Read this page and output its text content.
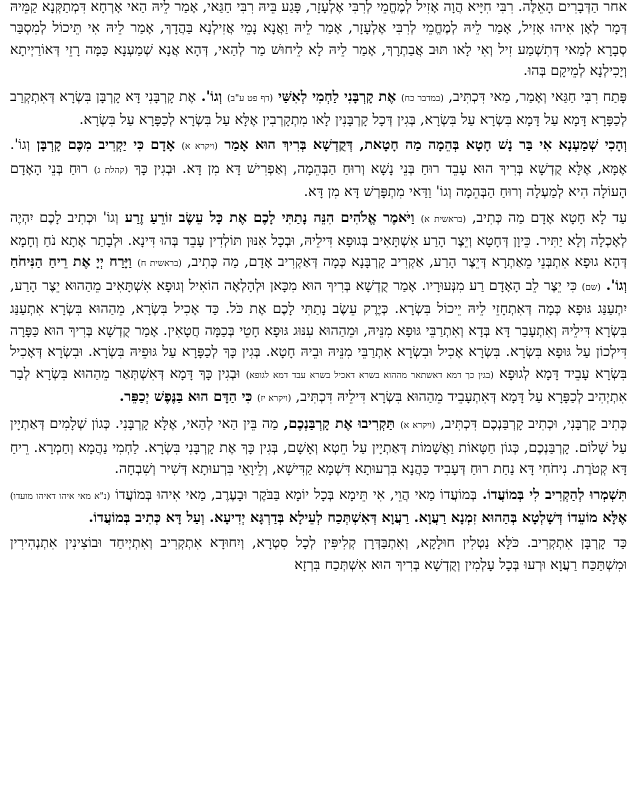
אחר הַדְּבָרִים הָאֵלֶּה. רִבִּי חִיָּיא הֲוָה אָזִיל לְמֶחֱמֵי לְרִבִּי אֶלְעָזָר, פָּגַע בֵּיהּ רִבִּי חַגַּאי, אָמַר לֵיהּ הַאי אָרְחָא דִּמְתַקְּנָא קַמֵּיהּ דְּמָר לְאָן אִיהוּ אָזִיל, אָמַר לֵיהּ לְמֶחֱמֵי לְרִבִּי אֶלְעָזָר, אָמַר לֵיהּ וַאֲנָא נָמֵי אֲזִילְנָא בַּהֲדָךְ, אָמַר לֵיהּ אִי תֵּיכוֹל לְמִסְבַּר סְבָרָא לְמַאי דְּתִשְׁמַע זִיל וְאִי לָאו תּוּב אֲבַתְרָךְ, אָמַר לֵיהּ לָא לֵיחוּשׁ מַר לְהַאי, דְּהָא אֲנָא שְׁמַעְנָא כַּמָּה רָזֵי דְּאוֹרַיְיתָא וְיָכִילְנָא לְמֵיקָם בְּהוּ.

פָּתַח רִבִּי חַגַּאי וְאָמַר, מַאי דִּכְתִּיב, (במדבר כח) אֶת קָרְבָּנִי לַחְמִי לְאִשַּׁי (דף פט ע"ב) וְגוֹ'. אֶת קָרְבָּנִי דָּא קָרְבָּן בִּשְׂרָא דְּאִתְקְרַב לְכַפָּרָא דָּמָא עַל דָּמָא בִּשְׂרָא עַל בִּשְׂרָא, בְּגִין דְּכָל קָרְבָּנִין לָאו מִתְקָרְבִין אֶלָּא עַל בִּשְׂרָא לְכַפָּרָא עַל בִּשְׂרָא.

וְהָכִי שְׁמַעְנָא אִי בַּר נָשׁ חָטָא בְּהֵמָה מַה חָטָאת, דְּקֻדְשָׁא בְּרִיךְ הוּא אָמַר (ויקרא א) אָדָם כִּי יַקְרִיב מִכֶּם קָרְבָּן וְגוֹ'. אֶמָּא, אֶלָּא קֻדְשָׁא בְּרִיךְ הוּא עָבֵד רוּחַ בְּנֵי נָשָׁא וְרוּחַ הַבְּהֵמָה, וְאַפְרִישׁ דָּא מִן דָּא. וּבְגִין כָּךְ (קהלת ג) רוּחַ בְּנֵי הָאָדָם הָעוֹלָה הִיא לְמַעְלָה וְרוּחַ הַבְּהֵמָה וְגוֹ' וַדַּאי מִתְפָּרְשׁ דָּא מִן דָּא.

עַד לָא חָטָא אָדָם מַה כְּתִיב, (בראשית א) וַיֹּאמֶר אֱלֹהִים הִנֵּה נָתַתִּי לָכֶם אֶת כָּל עֵשֶׂב זוֹרֵעַ זֶרַע וְגוֹ' וּכְתִיב לָכֶם יִהְיֶה לְאָכְלָה וְלָא יַתִּיר. כֵּיוָן דְּחָטָא וְיֵצֶר הָרַע אִשְׁתָּאִיב בְּגוּפָא דִּילֵיהּ, וּבְכָל אִנּוּן תּוֹלְדִין עָבֵד בְּהוּ דִּינָא. וּלְבָתַר אָתָא נֹחַ וְחָמָא דְּהָא גוּפָא אִתְבְּנֵי מֵאַתְרָא דְּיֵצֶר הָרַע, אַקְרִיב קָרְבָּנָא כְּמָה דְּאַקְרִיב אָדָם, מַה כְּתִיב, (בראשית ח) וַיָּרַח יְיָ אֶת רֵיחַ הַנִּיחֹחַ וְגוֹ'. (שם) כִּי יֵצֶר לֵב הָאָדָם רַע מִנְּעוּרָיו. אָמַר קֻדְשָׁא בְּרִיךְ הוּא מִכָּאן וּלְהָלְאָה הוֹאִיל וְגוּפָא אִשְׁתָּאִיב מֵהַהוּא יֵצֶר הָרַע, יִתְעַנַּג גּוּפָא כְּמָה דְּאִתְחָזֵי לֵיהּ יֵיכוֹל בִּשְׂרָא. כְּיֶרֶק עֵשֶׂב נָתַתִּי לָכֶם אֶת כֹּל. כַּד אָכִיל בִּשְׂרָא, מֵהַהוּא בִּשְׂרָא אִתְעַנַּג בִּשְׂרָא דִּילֵיהּ וְאִתְעָבַר דָּא בְּדָא וְאִתְרַבֵּי גּוּפָא מִנֵּיהּ, וּמֵהַהוּא עִנּוּג גּוּפָא חָטֵי בְּכַמָּה חֲטָאִין. אָמַר קֻדְשָׁא בְּרִיךְ הוּא כַּפָּרָה דִּילְכוֹן עַל גּוּפָא בִּשְׂרָא. בִּשְׂרָא אָכִיל וּבִשְׂרָא אִתְרַבֵּי מִנֵּיהּ וּבֵיהּ חָטָא. בְּגִין כָּךְ לְכַפָּרָא עַל גּוּפֵיהּ בִּשְׂרָא. וּבִשְׂרָא דְּאָכִיל בִּשְׂרָא עָבֵיד דָּמָא לְגוּפָא (בגין כך דמא דאשתאר מההוא בשרא דאכיל בשרא עבד דמא לגופא) וּבְגִין כָּךְ דָּמָא דְּאִשְׁתְּאַר מֵהַהוּא בִּשְׂרָא לְבַר אִתְיְהִיב לְכַפָּרָא עַל דָּמָא דְּאִתְעָבֵיד מֵהַהוּא בִּשְׂרָא דִּילֵיהּ דִּכְתִּיב, (ויקרא יז) כִּי הַדָּם הוּא בַּנֶּפֶשׁ יְכַפֵּר.

כְּתִיב קָרְבָּנִי, וּכְתִיב קָרְבַּנְכֶם דִּכְתִּיב, (ויקרא א) תַּקְרִיבוּ אֶת קָרְבַּנְכֶם, מַה בֵּין הַאי לְהַאי, אֶלָּא קָרְבָּנִי. כְּגוֹן שְׁלָמִים דְּאַתְיָין עַל שָׁלוֹם. קָרְבַּנְכֶם, כְּגוֹן חַטָּאוֹת וַאֲשָׁמוֹת דְּאַתְיָין עַל חֵטְא וְאָשָׁם, בְּגִין כָּךְ אֶת קָרְבָּנִי בִּשְׂרָא. לַחְמִי נַהֲמָא וְחַמְרָא. רֵיחַ דָּא קְטֹרֶת. נִיחֹחִי דָּא נַחַת רוּחַ דְּעָבִיד כַּהֲנָא בִּרְעוּתָא דִּשְׁמָא קַדִּישָׁא, וְלֵיוָאֵי בִּרְעוּתָא דְּשִׁיר וְשִׁבְחָה.

תִּשְׁמְרוּ לְהַקְרִיב לִי בְּמוֹעֲדוֹ. בְּמוֹעֲדוֹ מַאי הֲוֵי, אִי תֵּימָא בְּכָל יוֹמָא בַּבֹּקֶר וּבָעֶרֶב, מַאי אִיהוּ בְּמוֹעֲדוֹ (נ"א מאי איהו דאיהו מועדו) אֶלָּא מוֹעֵדוֹ דְּשָׁלְטָא בְּהַהוּא זִמְנָא רַעֲוָא. רַעֲוָא דְּאִשְׁתְּכַח לְעֵילָא בְּדַרְגָּא יְדִיעָא. וְעַל דָּא כְּתִיב בְּמוֹעֲדוֹ.

כַּד קָרְבָּן אִתְקְרִיב. כֹּלָּא נַטְלִין חוּלָקָא, וְאִתְבַּדְּרָן קְלִיפִּין לְכָל סִטְרָא, וְיִחוּדָא אִתְקְרִיב וְאִתְיְיחַד וּבוֹצִינִין אִתְנְהִירִין וּמִשְׁתַּכַּח רַעֲוָא וּרְעוּ בְּכָל עָלְמִין וְקֻדְשָׁא בְּרִיךְ הוּא אִשְׁתְּכַח בִּרְזָא
